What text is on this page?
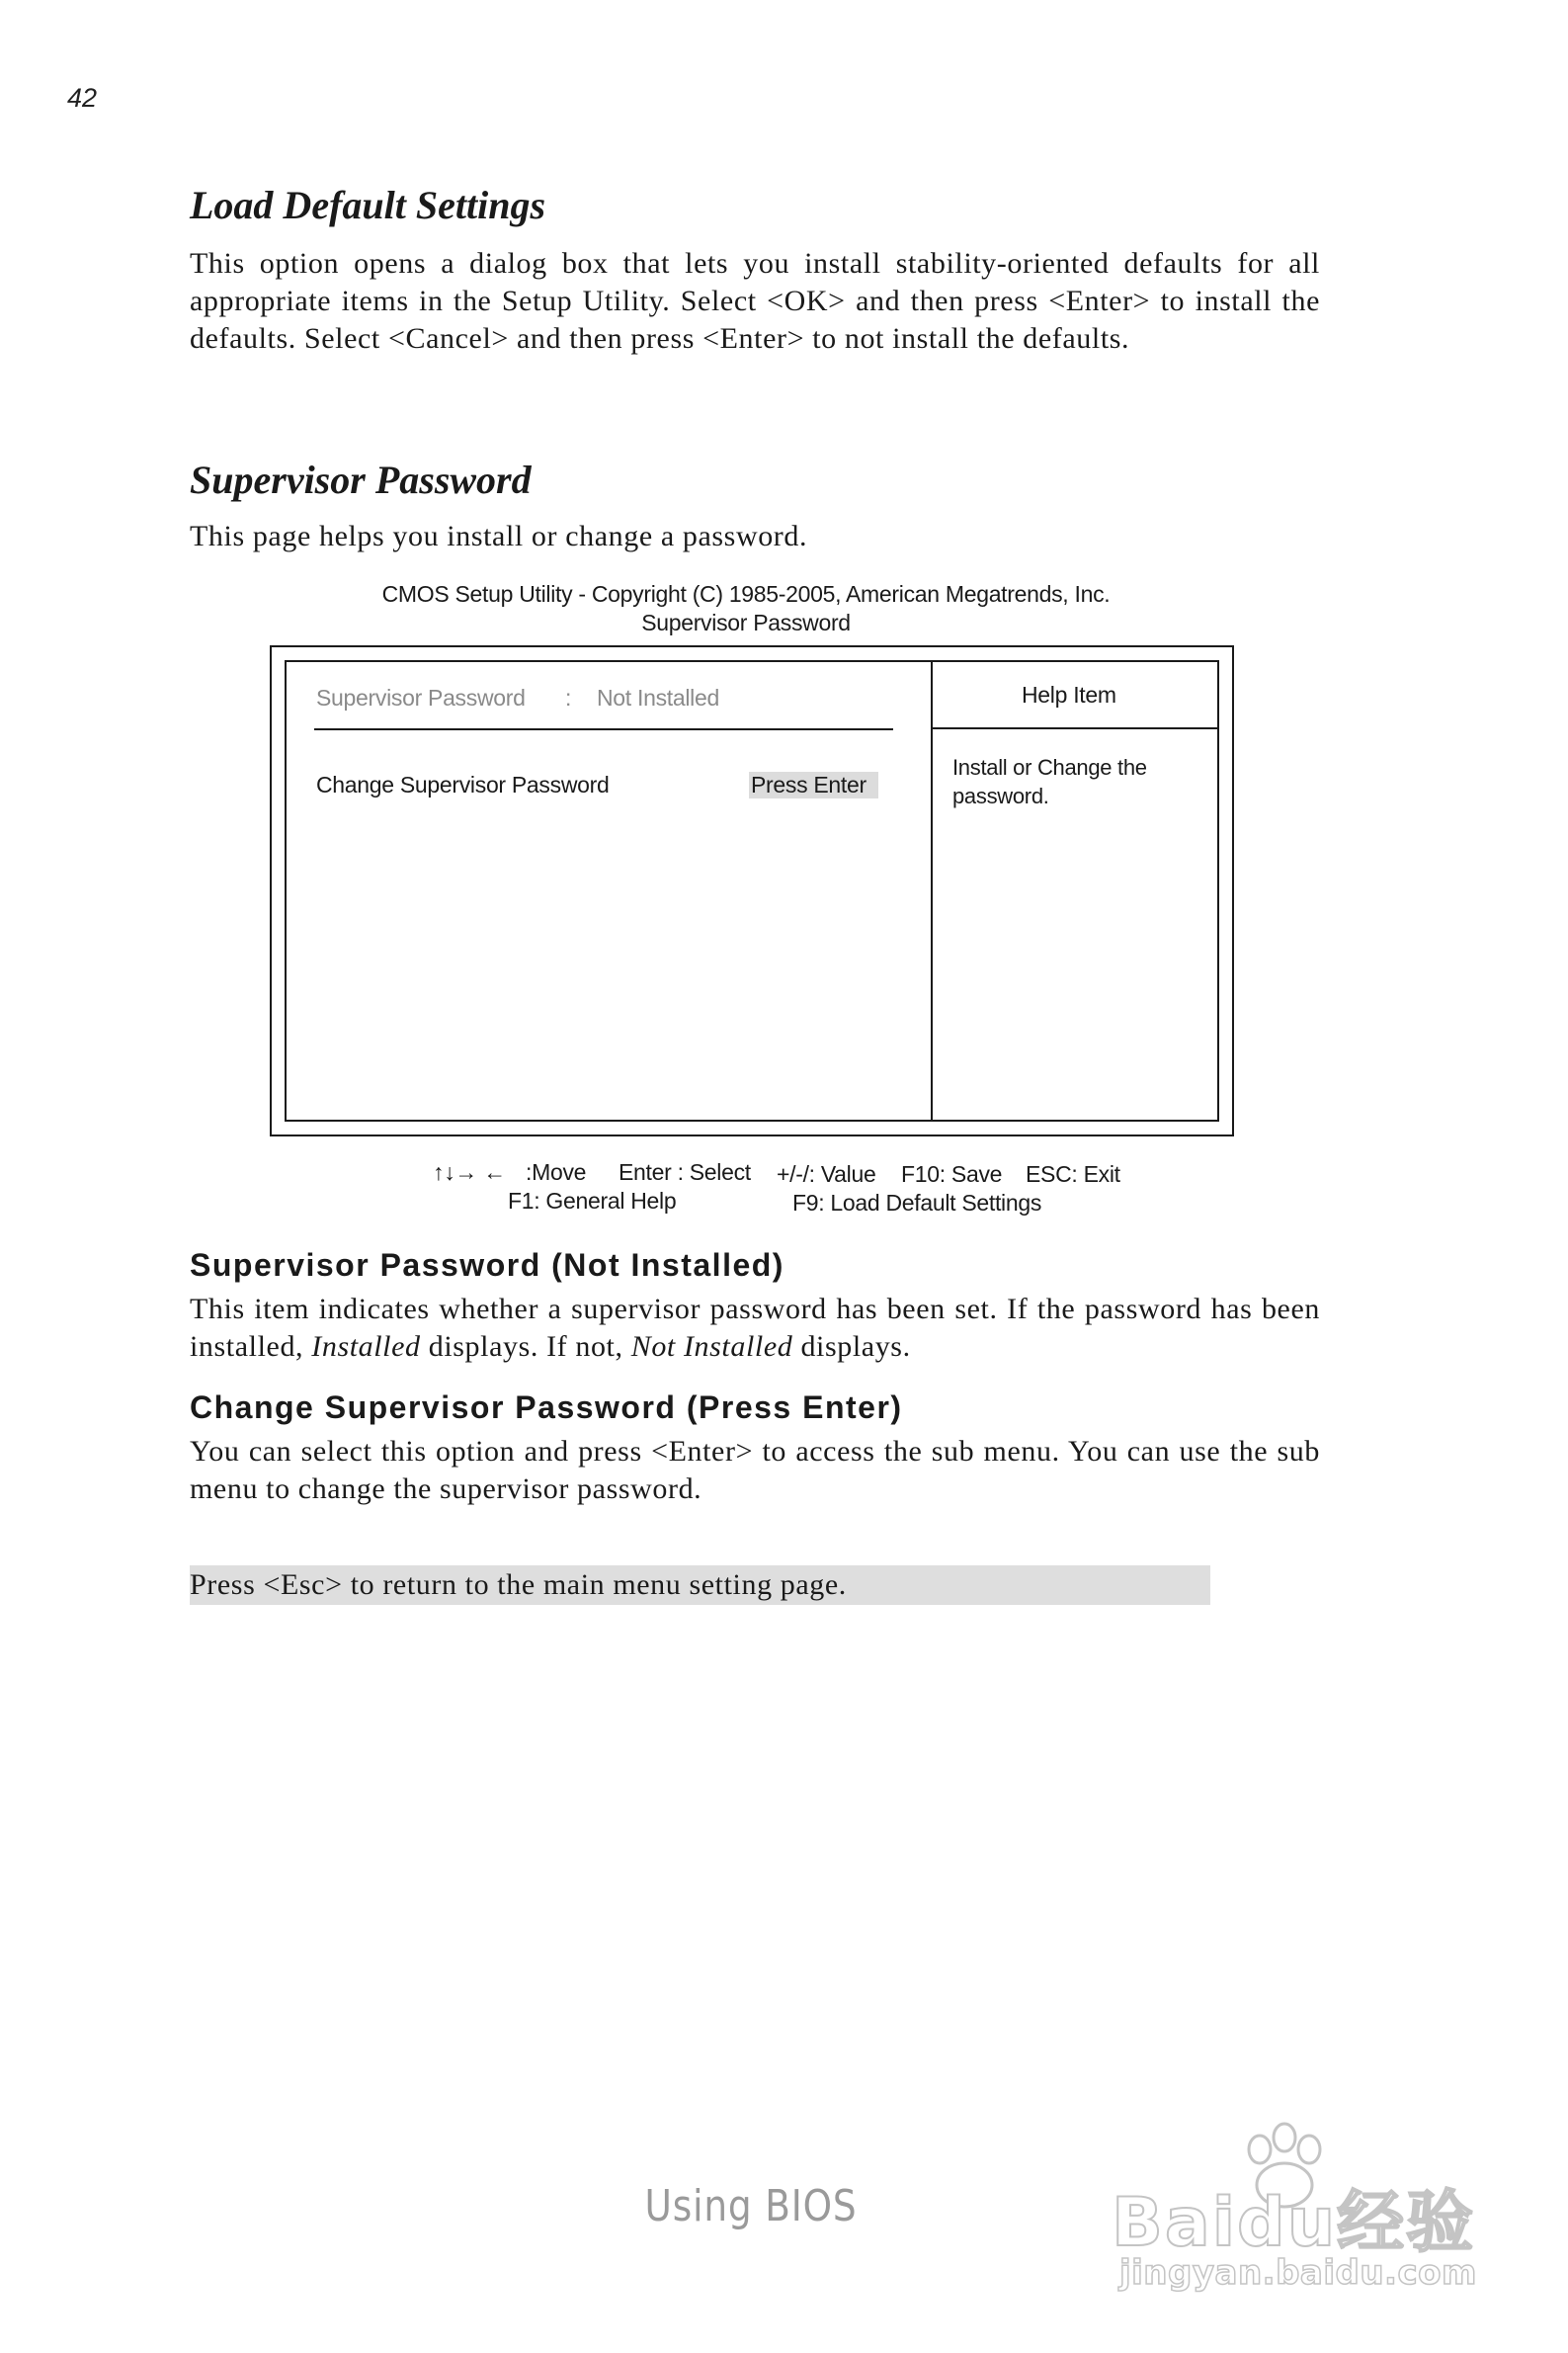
42
Load Default Settings

This option opens a dialog box that lets you install stability-oriented defaults for all appropriate items in the Setup Utility. Select <OK> and then press <Enter> to install the defaults. Select <Cancel> and then press <Enter> to not install the defaults.

Supervisor Password

This page helps you install or change a password.

CMOS Setup Utility - Copyright (C) 1985-2005, American Megatrends, Inc.
Supervisor Password
Supervisor Password : Not Installed
Change Supervisor Password	Press Enter
Help Item
Install or Change the password.
↑↓→ ← :Move Enter : Select +/-/: Value F10: Save ESC: Exit
F1: General Help	F9: Load Default Settings
Supervisor Password (Not Installed)

This item indicates whether a supervisor password has been set. If the password has been installed, Installed displays. If not, Not Installed displays.

Change Supervisor Password (Press Enter)

You can select this option and press <Enter> to access the sub menu. You can use the sub menu to change the supervisor password.

Press <Esc> to return to the main menu setting page.
Using BIOS	Baidu经验
jingyan.baidu.com
